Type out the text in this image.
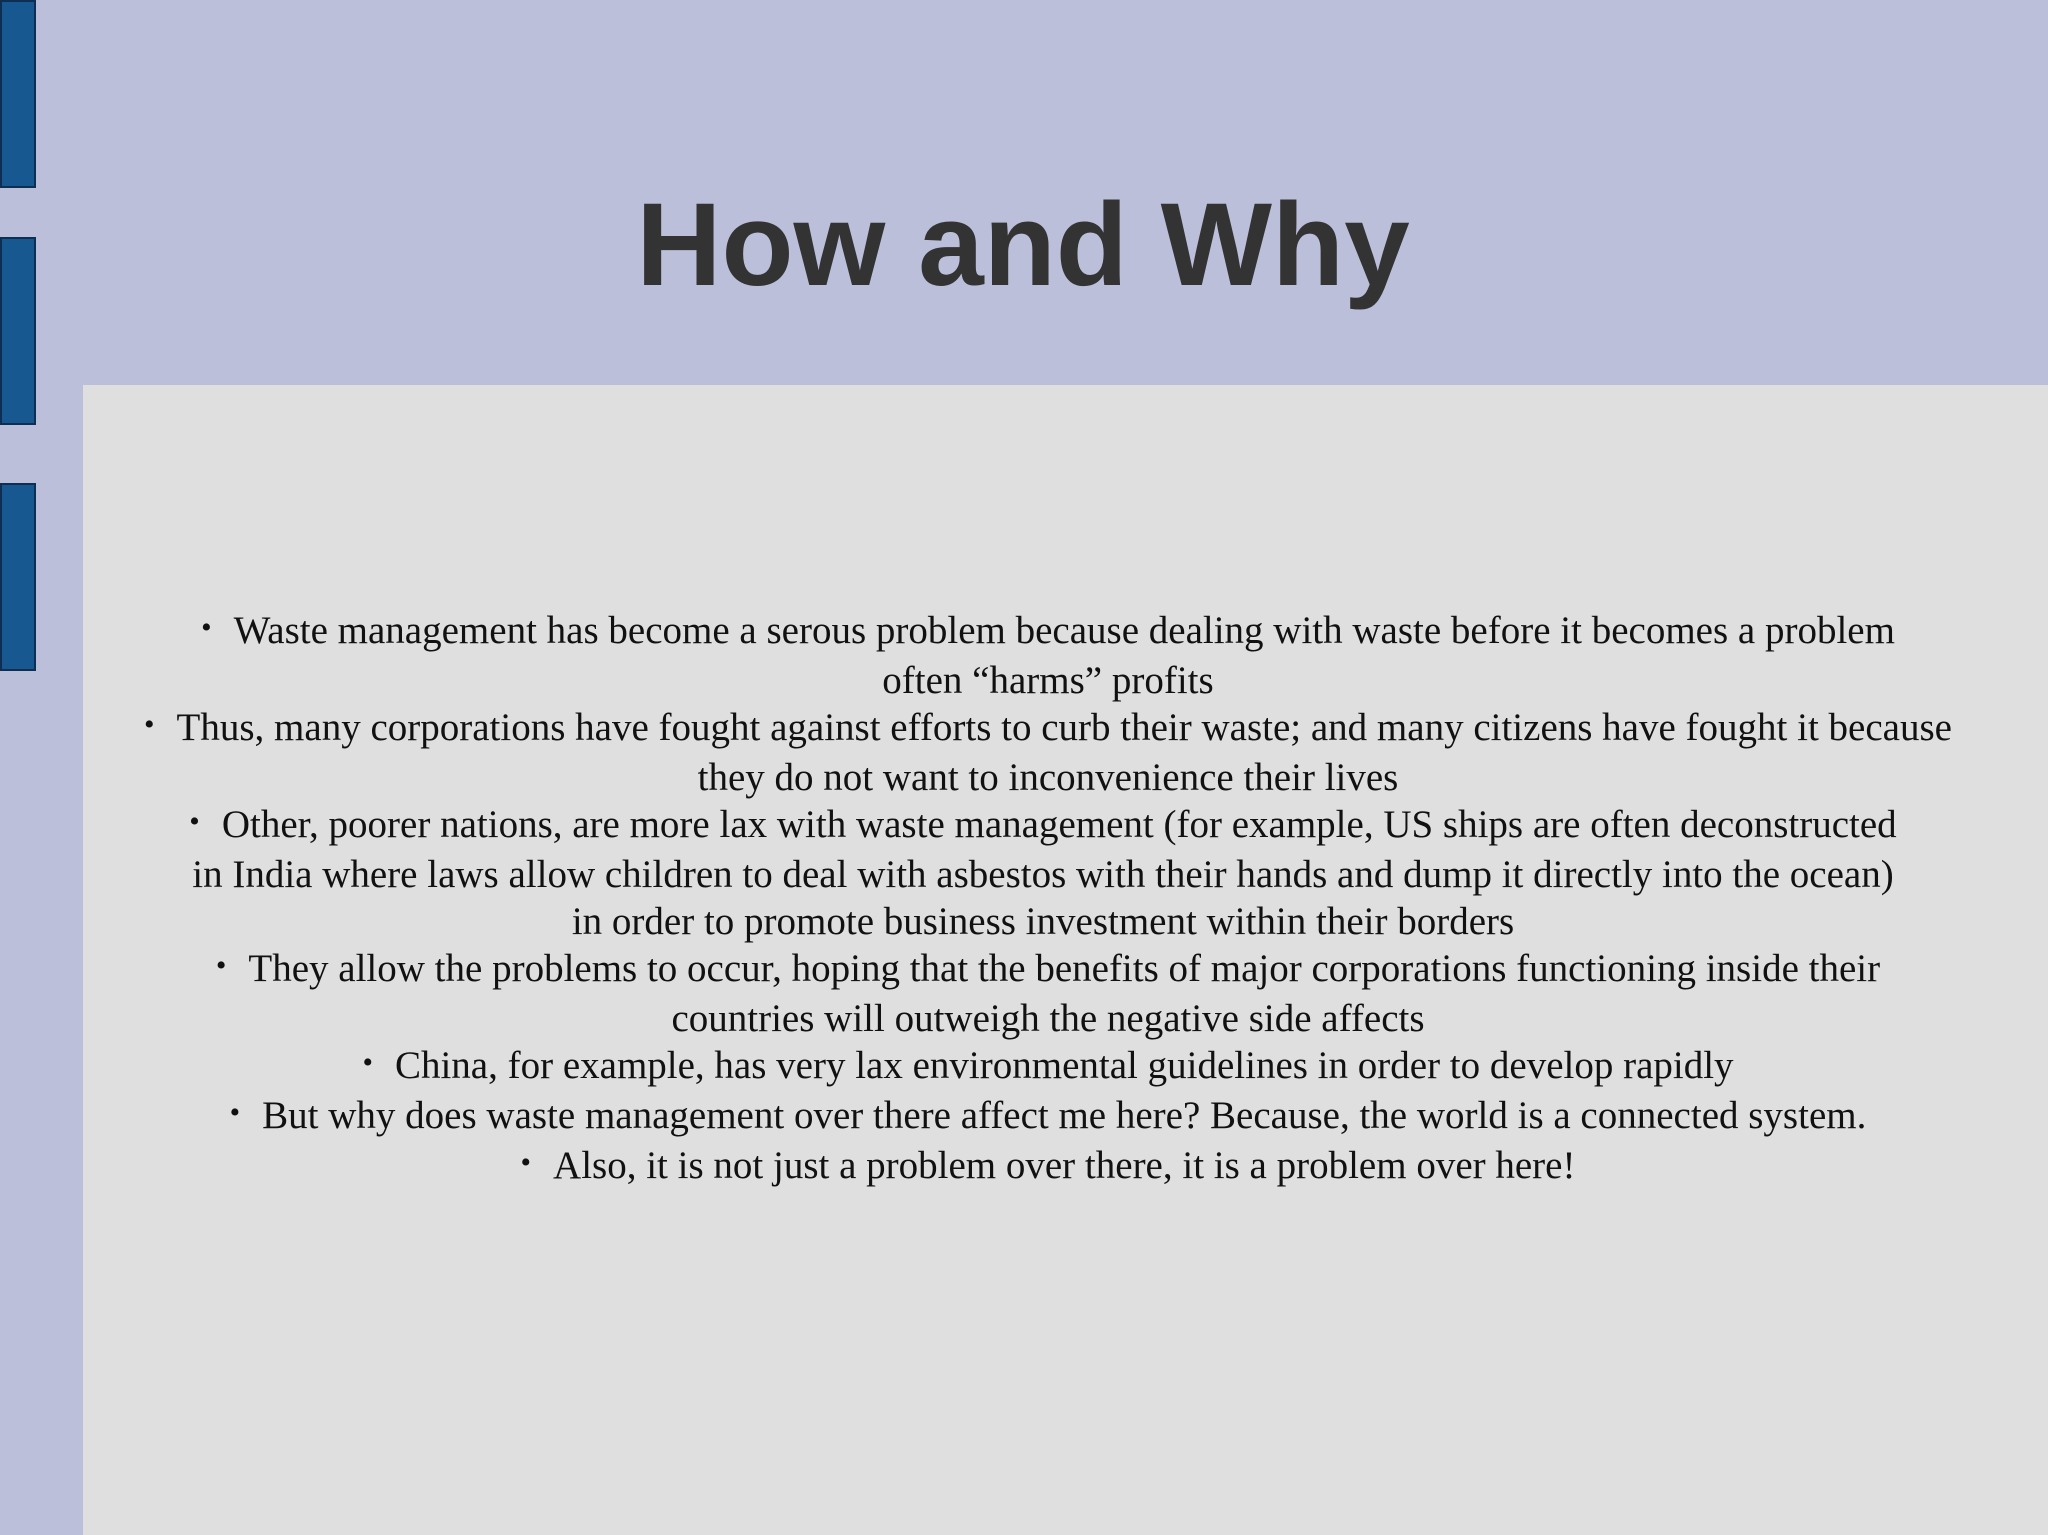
How and Why
• Waste management has become a serous problem because dealing with waste before it becomes a problem often “harms” profits
• Thus, many corporations have fought against efforts to curb their waste; and many citizens have fought it because they do not want to inconvenience their lives
• Other, poorer nations, are more lax with waste management (for example, US ships are often deconstructed in India where laws allow children to deal with asbestos with their hands and dump it directly into the ocean) in order to promote business investment within their borders
• They allow the problems to occur, hoping that the benefits of major corporations functioning inside their countries will outweigh the negative side affects
• China, for example, has very lax environmental guidelines in order to develop rapidly
• But why does waste management over there affect me here? Because, the world is a connected system.
• Also, it is not just a problem over there, it is a problem over here!
